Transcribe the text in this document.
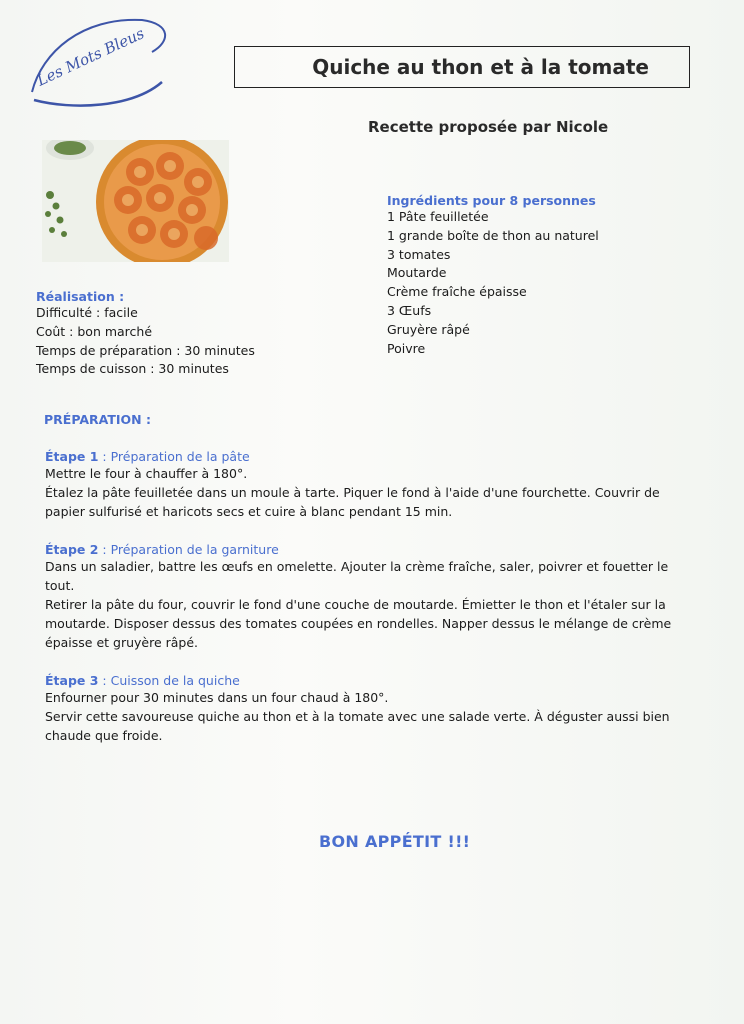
Les Mots Bleus	Quiche au thon et à la tomate
Recette proposée par Nicole
Ingrédients pour 8 personnes
1 Pâte feuilletée
1 grande boîte de thon au naturel
3 tomates
Moutarde
Crème fraîche épaisse
3 Œufs
Gruyère râpé
Poivre
Réalisation :
Difficulté : facile
Coût : bon marché
Temps de préparation : 30 minutes
Temps de cuisson : 30 minutes
PRÉPARATION :
Étape 1 : Préparation de la pâte
Mettre le four à chauffer à 180°.
Étalez la pâte feuilletée dans un moule à tarte. Piquer le fond à l'aide d'une fourchette. Couvrir de papier sulfurisé et haricots secs et cuire à blanc pendant 15 min.
Étape 2 : Préparation de la garniture
Dans un saladier, battre les œufs en omelette. Ajouter la crème fraîche, saler, poivrer et fouetter le tout.
Retirer la pâte du four, couvrir le fond d'une couche de moutarde. Émietter le thon et l'étaler sur la moutarde. Disposer dessus des tomates coupées en rondelles. Napper dessus le mélange de crème épaisse et gruyère râpé.
Étape 3 : Cuisson de la quiche
Enfourner pour 30 minutes dans un four chaud à 180°.
Servir cette savoureuse quiche au thon et à la tomate avec une salade verte. À déguster aussi bien chaude que froide.
BON APPÉTIT !!!
